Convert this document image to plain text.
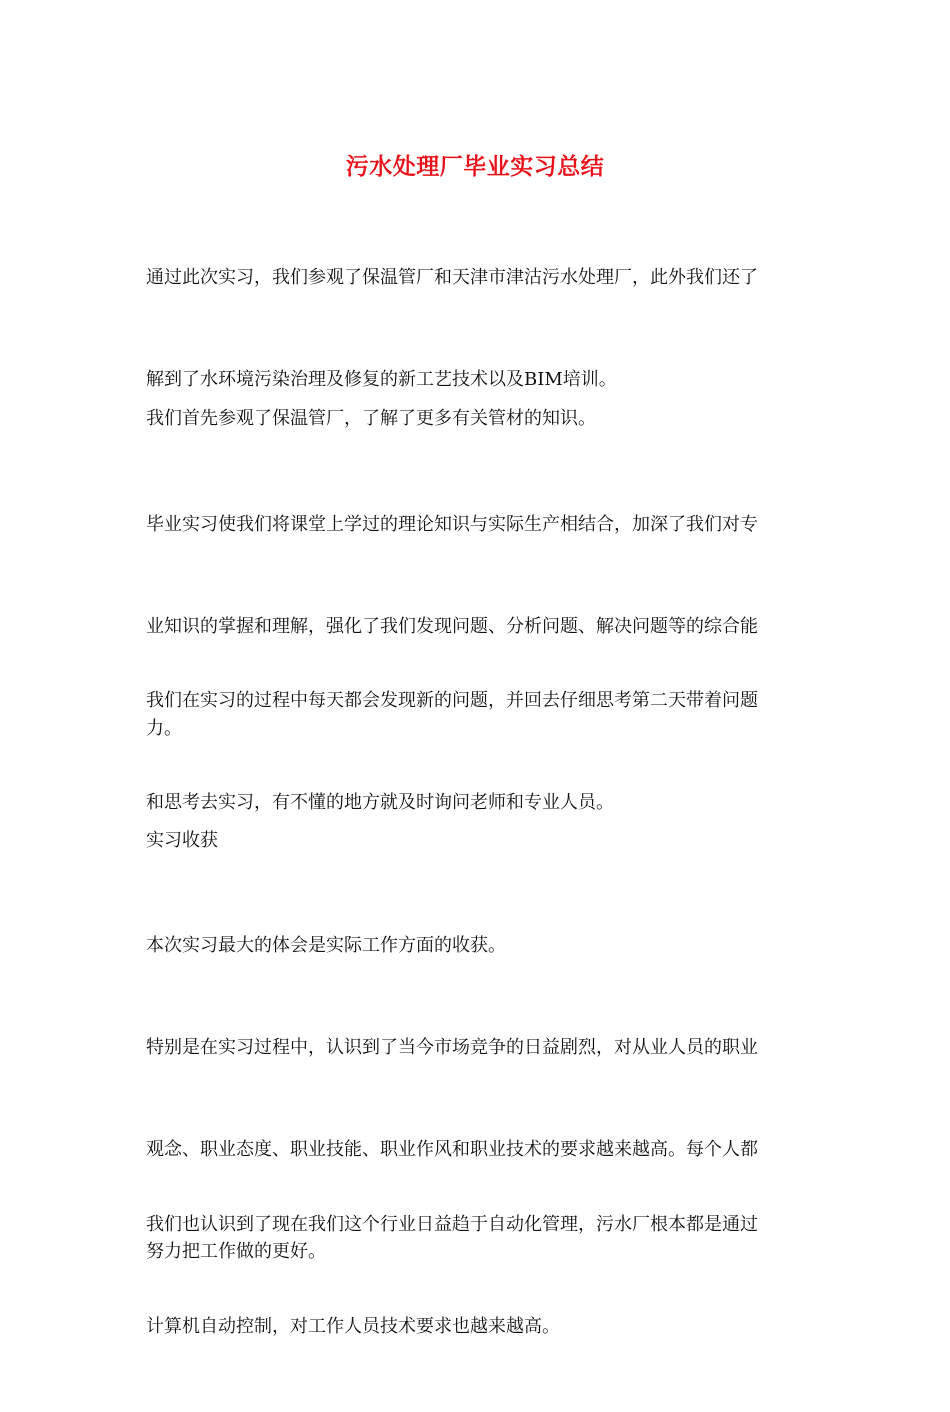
污水处理厂毕业实习总结

通过此次实习，我们参观了保温管厂和天津市津沽污水处理厂，此外我们还了

解到了水环境污染治理及修复的新工艺技术以及BIM培训。

我们首先参观了保温管厂，了解了更多有关管材的知识。

毕业实习使我们将课堂上学过的理论知识与实际生产相结合，加深了我们对专

业知识的掌握和理解，强化了我们发现问题、分析问题、解决问题等的综合能

力。

我们在实习的过程中每天都会发现新的问题，并回去仔细思考第二天带着问题

和思考去实习，有不懂的地方就及时询问老师和专业人员。

实习收获

本次实习最大的体会是实际工作方面的收获。

特别是在实习过程中，认识到了当今市场竞争的日益剧烈，对从业人员的职业

观念、职业态度、职业技能、职业作风和职业技术的要求越来越高。每个人都

努力把工作做的更好。

我们也认识到了现在我们这个行业日益趋于自动化管理，污水厂根本都是通过

计算机自动控制，对工作人员技术要求也越来越高。
